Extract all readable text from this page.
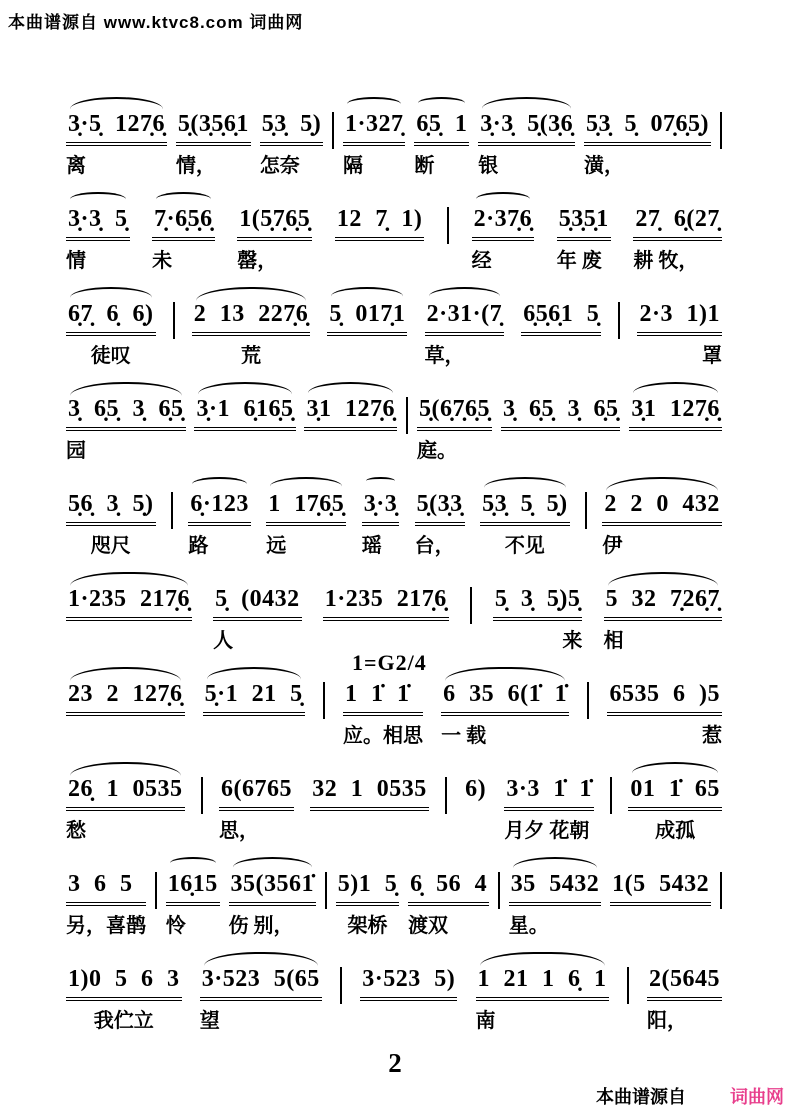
本曲谱源自 www.ktvc8.com 词曲网
3̣·5̣ 127̣6̣
离
5̣(3̣5̣6̣1
情，
5̣3̣ 5̣)
怎奈
1·327̣
隔
6̣5̣ 1
断
3̣·3̣ 5̣(3̣6̣
银
5̣3̣ 5̣ 07̣6̣5̣)
潢，
3̣·3̣ 5̣
情
7̣·6̣5̣6̣
未
1(5̣7̣6̣5̣
罄，
12 7̣ 1) 2·37̣6̣
经
5̣3̣5̣1
年 废
27̣ 6̣(27̣
耕 牧，
6̣7̣ 6̣ 6̣)
徒叹
2 13 227̣6̣
荒
5̣ 017̣1 2·31·(7̣
草，
6̣5̣6̣1 5̣ 2·3 1)1
罩
3̣ 6̣5̣ 3̣ 6̣5̣
园
3̣·1 6̣16̣5̣ 3̣1 127̣6̣ 5̣(6̣7̣6̣5̣
庭。
3̣ 6̣5̣ 3̣ 6̣5̣ 3̣1 127̣6̣
5̣6̣ 3̣ 5̣)
咫尺
6̣·123
路
1 17̣6̣5̣
远
3̣·3̣
瑶
5̣(3̣3̣
台，
5̣3̣ 5̣ 5̣)
不见
2 2 0 432
伊
1·235 217̣6̣ 5̣ (0432
人
1·235 217̣6̣ 5̣ 3̣ 5̣)5̣
来
5 32 7̣26̣7̣
相
23 2 127̣6̣ 5̣·1 21 5̣ 1 1̇ 1̇
应。相思
6 35 6(1̇ 1̇
一 载
6535 6 )5
惹
26̣ 1 0535
愁
6(6765
思，
32 1 0535 6) 3·3 1̇ 1̇
月夕 花朝
01 1̇ 65
成孤
3 6 5
另，喜鹊
16̣15
怜
35(3561̇
伤 别，
5)1 5̣
架桥
6̣ 56 4
渡双
35 5432
星。
1(5 5432
1)0 5 6 3
我伫立
3·523 5(65
望
3·523 5) 1 21 1 6̣ 1
南
2(5645
阳，
1=G2/4
2
本曲谱源自 词曲网
